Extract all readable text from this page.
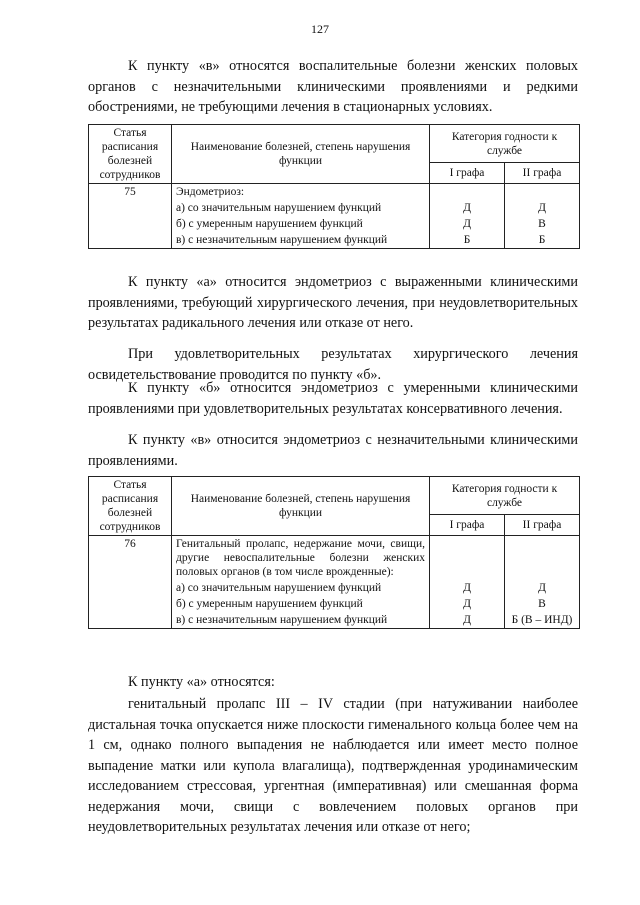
127

К пункту «в» относятся воспалительные болезни женских половых органов с незначительными клиническими проявлениями и редкими обострениями, не требующими лечения в стационарных условиях.

Статья расписания болезней сотрудников	Наименование болезней, степень нарушения функции	Категория годности к службе	
		I графа	II графа
75	Эндометриоз:		
	а) со значительным нарушением функций	Д	Д
	б) с умеренным нарушением функций	Д	В
	в) с незначительным нарушением функций	Б	Б

К пункту «а» относится эндометриоз с выраженными клиническими проявлениями, требующий хирургического лечения, при неудовлетворительных результатах радикального лечения или отказе от него.

При удовлетворительных результатах хирургического лечения освидетельствование проводится по пункту «б».

К пункту «б» относится эндометриоз с умеренными клиническими проявлениями при удовлетворительных результатах консервативного лечения.

К пункту «в» относится эндометриоз с незначительными клиническими проявлениями.

Статья расписания болезней сотрудников	Наименование болезней, степень нарушения функции	Категория годности к службе	
		I графа	II графа
76	Генитальный пролапс, недержание мочи, свищи, другие невоспалительные болезни женских половых органов (в том числе врожденные):		
	а) со значительным нарушением функций	Д	Д
	б) с умеренным нарушением функций	Д	В
	в) с незначительным нарушением функций	Д	Б (В – ИНД)

К пункту «а» относятся:

генитальный пролапс III – IV стадии (при натуживании наиболее дистальная точка опускается ниже плоскости гименального кольца более чем на 1 см, однако полного выпадения не наблюдается или имеет место полное выпадение матки или купола влагалища), подтвержденная уродинамическим исследованием стрессовая, ургентная (императивная) или смешанная форма недержания мочи, свищи с вовлечением половых органов при неудовлетворительных результатах лечения или отказе от него;
